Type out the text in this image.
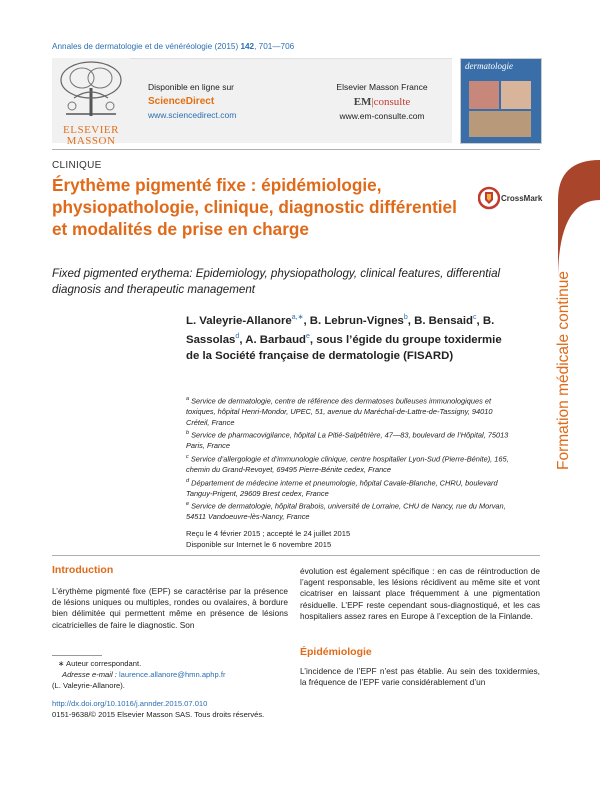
Annales de dermatologie et de vénéréologie (2015) 142, 701—706
ELSEVIER MASSON
Disponible en ligne sur
ScienceDirect
www.sciencedirect.com
Elsevier Masson France
EM|consulte
www.em-consulte.com
dermatologie
CLINIQUE
Érythème pigmenté fixe : épidémiologie, physiopathologie, clinique, diagnostic différentiel et modalités de prise en charge
CrossMark
Fixed pigmented erythema: Epidemiology, physiopathology, clinical features, differential diagnosis and therapeutic management
L. Valeyrie-Allanore$^{a,∗}$, B. Lebrun-Vignes$^b$, B. Bensaid$^c$, B. Sassolas$^d$, A. Barbaud$^e$, sous l’égide du groupe toxidermie de la Société française de dermatologie (FISARD)
$^a$ Service de dermatologie, centre de référence des dermatoses bulleuses immunologiques et toxiques, hôpital Henri-Mondor, UPEC, 51, avenue du Maréchal-de-Lattre-de-Tassigny, 94010 Créteil, France
$^b$ Service de pharmacovigilance, hôpital La Pitié-Salpêtrière, 47—83, boulevard de l’Hôpital, 75013 Paris, France
$^c$ Service d’allergologie et d’immunologie clinique, centre hospitalier Lyon-Sud (Pierre-Bénite), 165, chemin du Grand-Revoyet, 69495 Pierre-Bénite cedex, France
$^d$ Département de médecine interne et pneumologie, hôpital Cavale-Blanche, CHRU, boulevard Tanguy-Prigent, 29609 Brest cedex, France
$^e$ Service de dermatologie, hôpital Brabois, université de Lorraine, CHU de Nancy, rue du Morvan, 54511 Vandoeuvre-lès-Nancy, France
Reçu le 4 février 2015 ; accepté le 24 juillet 2015
Disponible sur Internet le 6 novembre 2015
Introduction
L’érythème pigmenté fixe (EPF) se caractérise par la présence de lésions uniques ou multiples, rondes ou ovalaires, à bordure bien délimitée qui permettent même en présence de lésions cicatricielles de faire le diagnostic. Son
évolution est également spécifique : en cas de réintroduction de l’agent responsable, les lésions récidivent au même site et vont cicatriser en laissant place fréquemment à une pigmentation résiduelle. L’EPF reste cependant sous-diagnostiqué, et les cas hospitaliers assez rares en Europe à l’exception de la Finlande.
Épidémiologie
L’incidence de l’EPF n’est pas établie. Au sein des toxidermies, la fréquence de l’EPF varie considérablement d’un
∗ Auteur correspondant.
Adresse e-mail : laurence.allanore@hmn.aphp.fr
(L. Valeyrie-Allanore).
http://dx.doi.org/10.1016/j.annder.2015.07.010
0151-9638/© 2015 Elsevier Masson SAS. Tous droits réservés.
Formation médicale continue
